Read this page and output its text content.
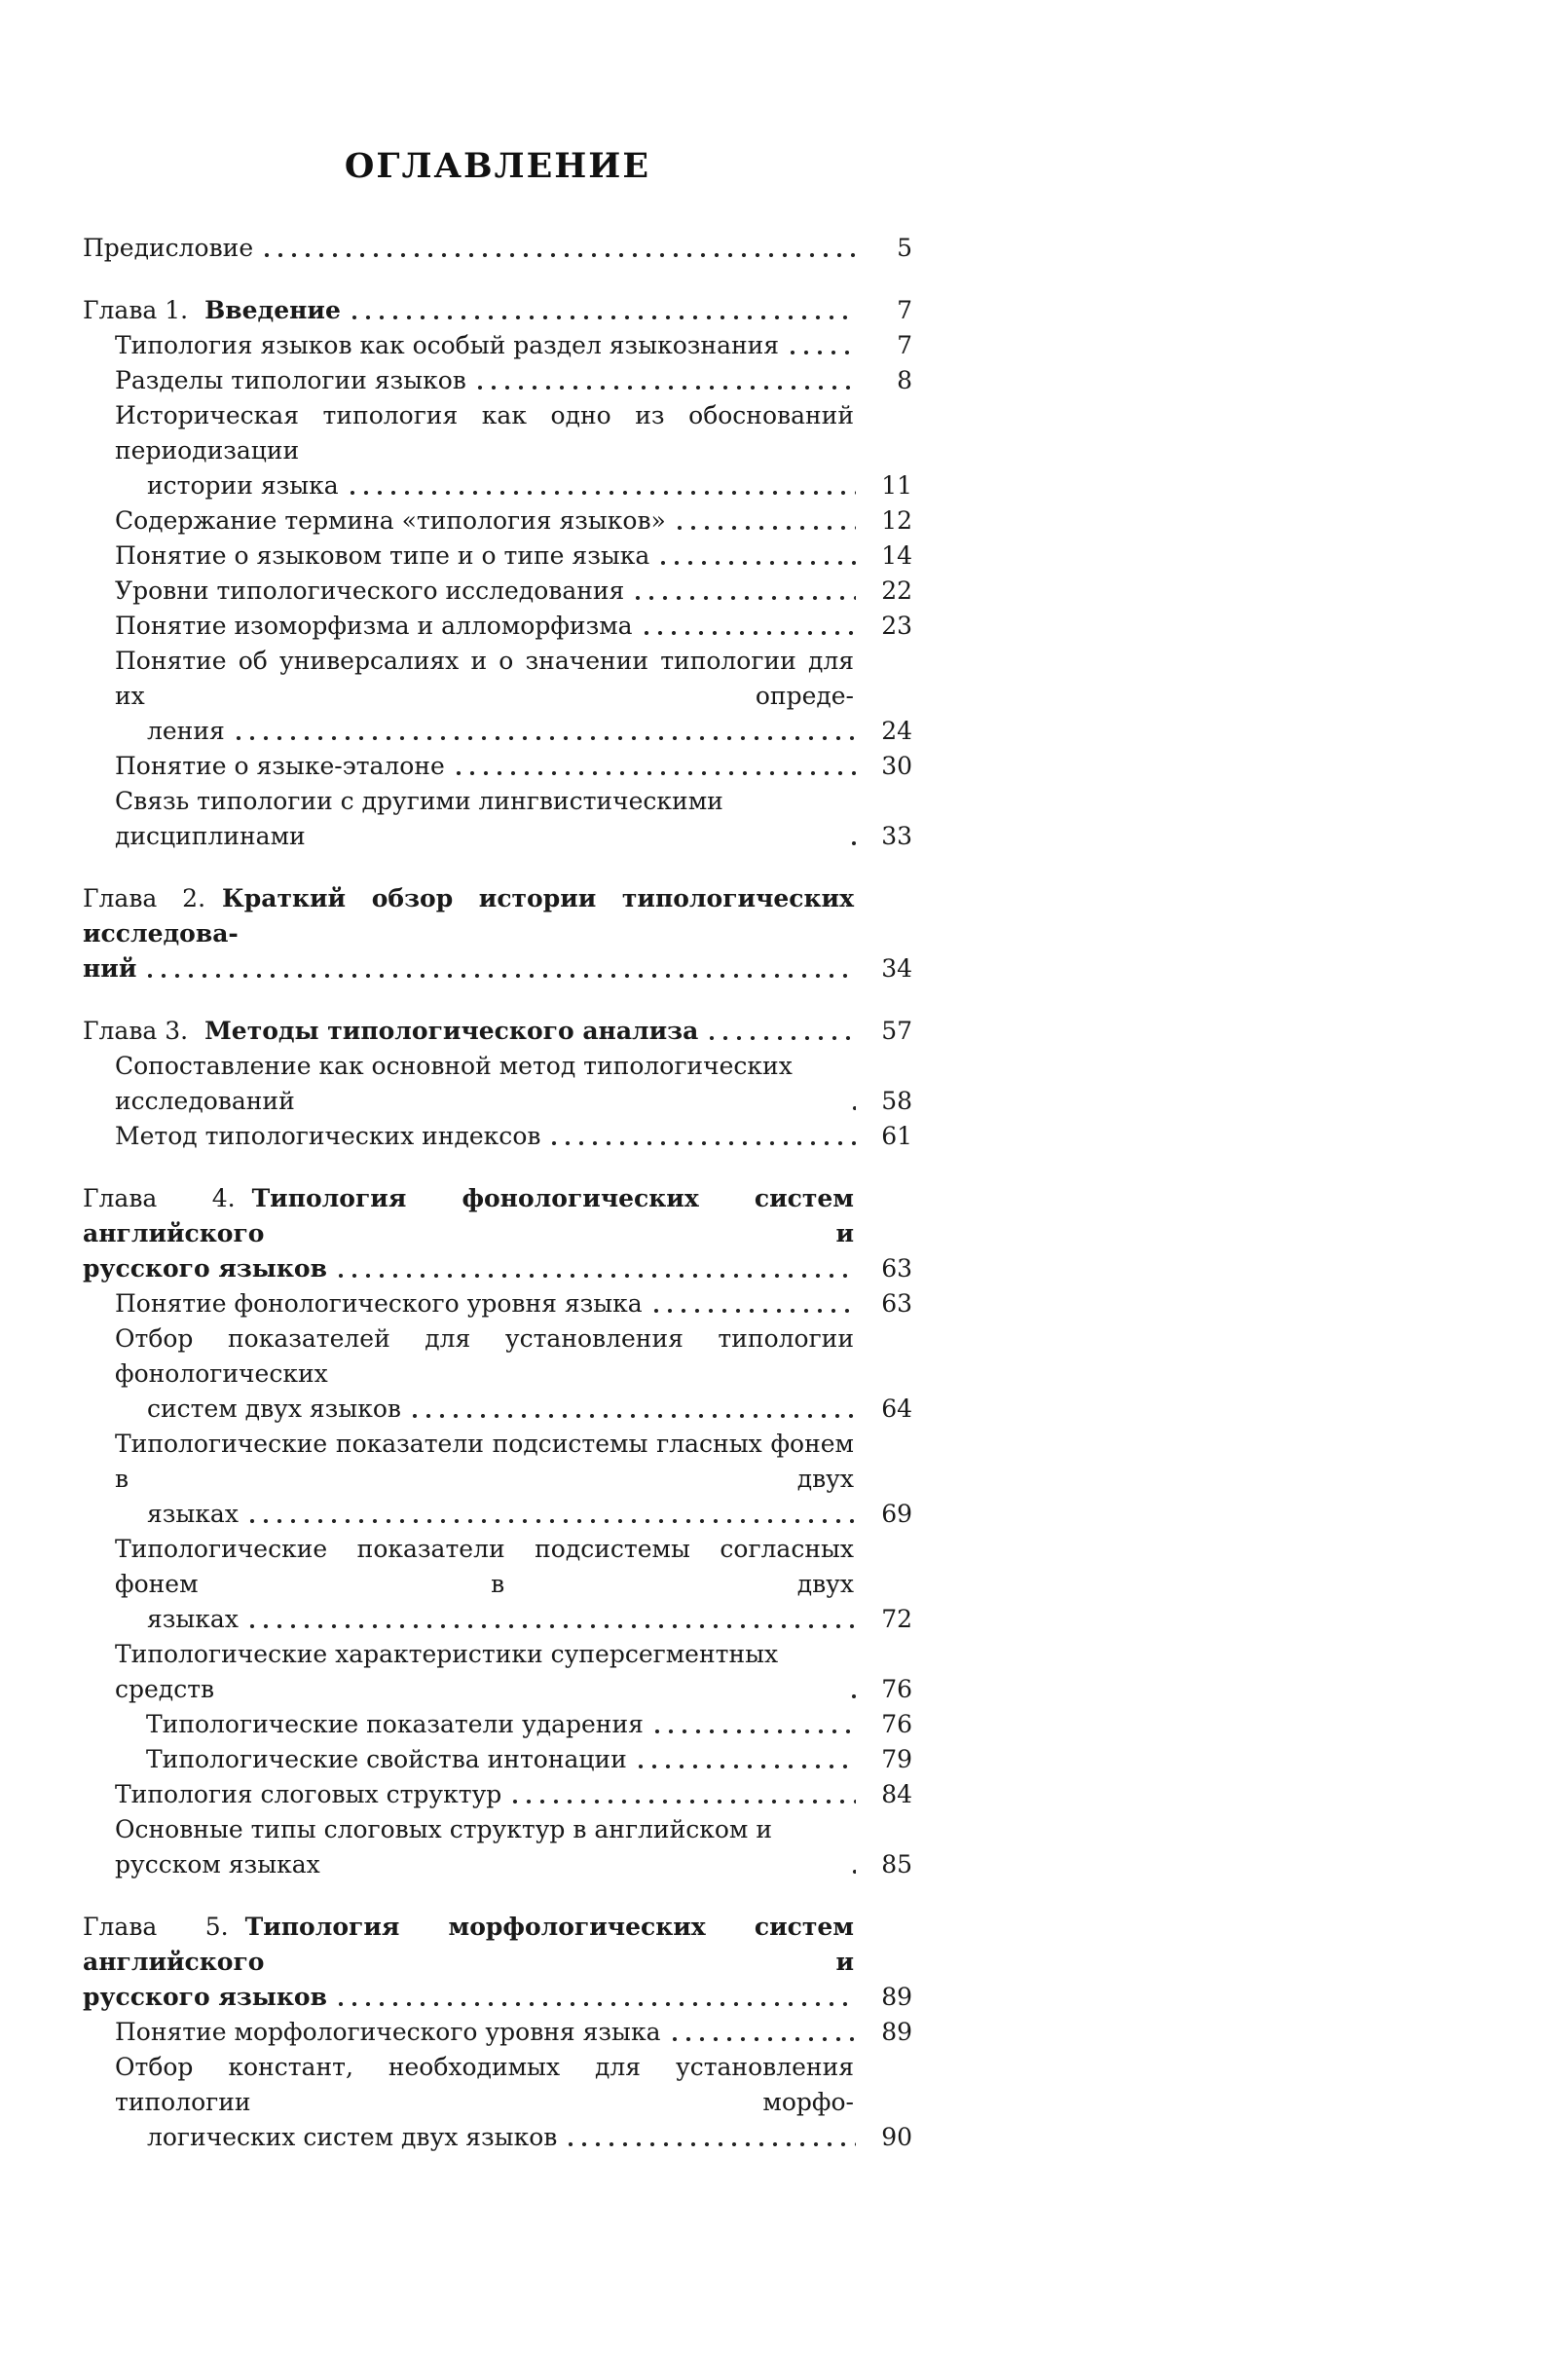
ОГЛАВЛЕНИЕ
Предисловие	5
Глава 1. Введение	7
Типология языков как особый раздел языкознания	7
Разделы типологии языков	8
Историческая типология как одно из обоснований периодизации
истории языка	11
Содержание термина «типология языков»	12
Понятие о языковом типе и о типе языка	14
Уровни типологического исследования	22
Понятие изоморфизма и алломорфизма	23
Понятие об универсалиях и о значении типологии для их опреде-
ления	24
Понятие о языке-эталоне	30
Связь типологии с другими лингвистическими дисциплинами	33
Глава 2. Краткий обзор истории типологических исследова-
ний	34
Глава 3. Методы типологического анализа	57
Сопоставление как основной метод типологических исследований	58
Метод типологических индексов	61
Глава 4. Типология фонологических систем английского и
русского языков	63
Понятие фонологического уровня языка	63
Отбор показателей для установления типологии фонологических
систем двух языков	64
Типологические показатели подсистемы гласных фонем в двух
языках	69
Типологические показатели подсистемы согласных фонем в двух
языках	72
Типологические характеристики суперсегментных средств	76
Типологические показатели ударения	76
Типологические свойства интонации	79
Типология слоговых структур	84
Основные типы слоговых структур в английском и русском языках	85
Глава 5. Типология морфологических систем английского и
русского языков	89
Понятие морфологического уровня языка	89
Отбор констант, необходимых для установления типологии морфо-
логических систем двух языков	90
